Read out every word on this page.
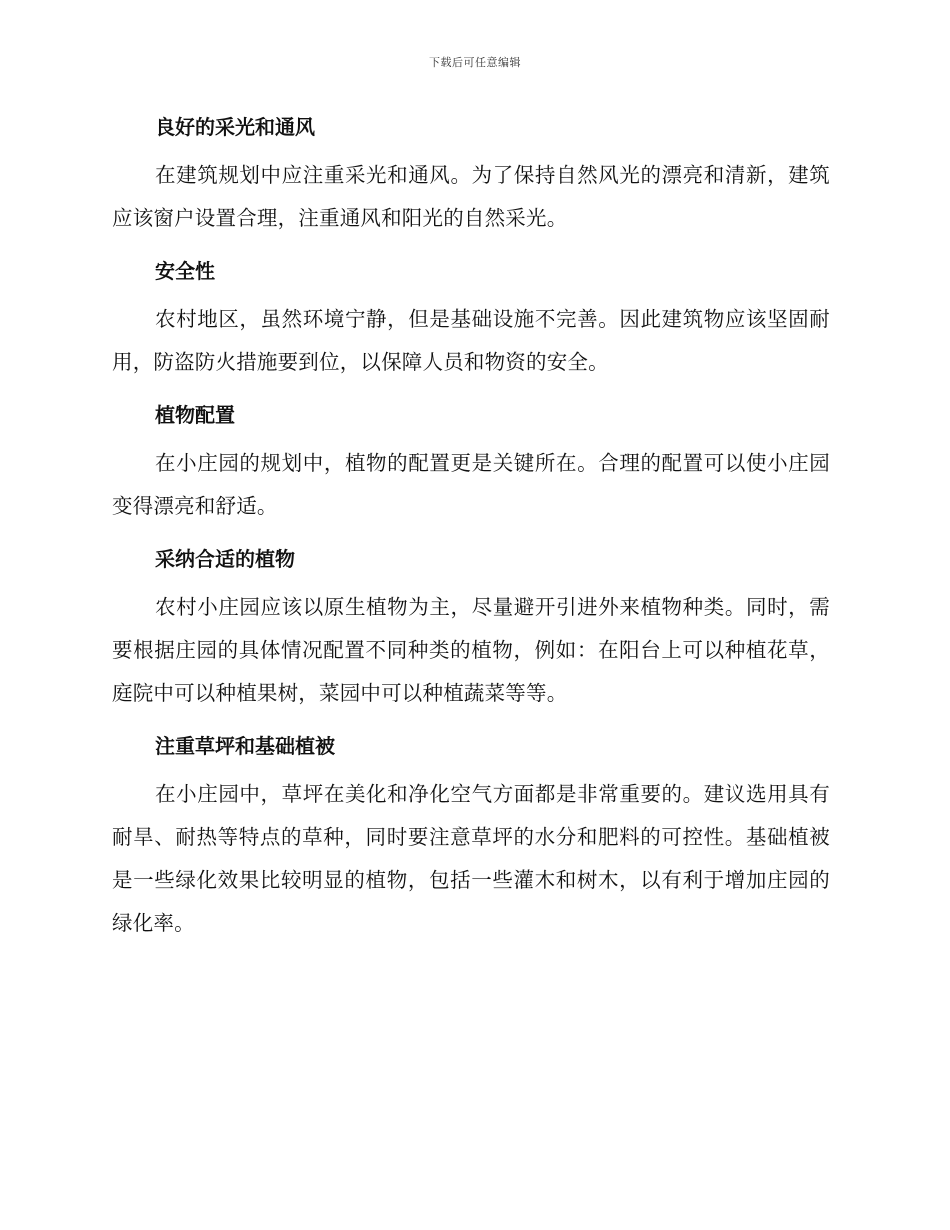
下载后可任意编辑
良好的采光和通风

在建筑规划中应注重采光和通风。为了保持自然风光的漂亮和清新，建筑应该窗户设置合理，注重通风和阳光的自然采光。

安全性

农村地区，虽然环境宁静，但是基础设施不完善。因此建筑物应该坚固耐用，防盗防火措施要到位，以保障人员和物资的安全。

植物配置

在小庄园的规划中，植物的配置更是关键所在。合理的配置可以使小庄园变得漂亮和舒适。

采纳合适的植物

农村小庄园应该以原生植物为主，尽量避开引进外来植物种类。同时，需要根据庄园的具体情况配置不同种类的植物，例如：在阳台上可以种植花草，庭院中可以种植果树，菜园中可以种植蔬菜等等。

注重草坪和基础植被

在小庄园中，草坪在美化和净化空气方面都是非常重要的。建议选用具有耐旱、耐热等特点的草种，同时要注意草坪的水分和肥料的可控性。基础植被是一些绿化效果比较明显的植物，包括一些灌木和树木，以有利于增加庄园的绿化率。
